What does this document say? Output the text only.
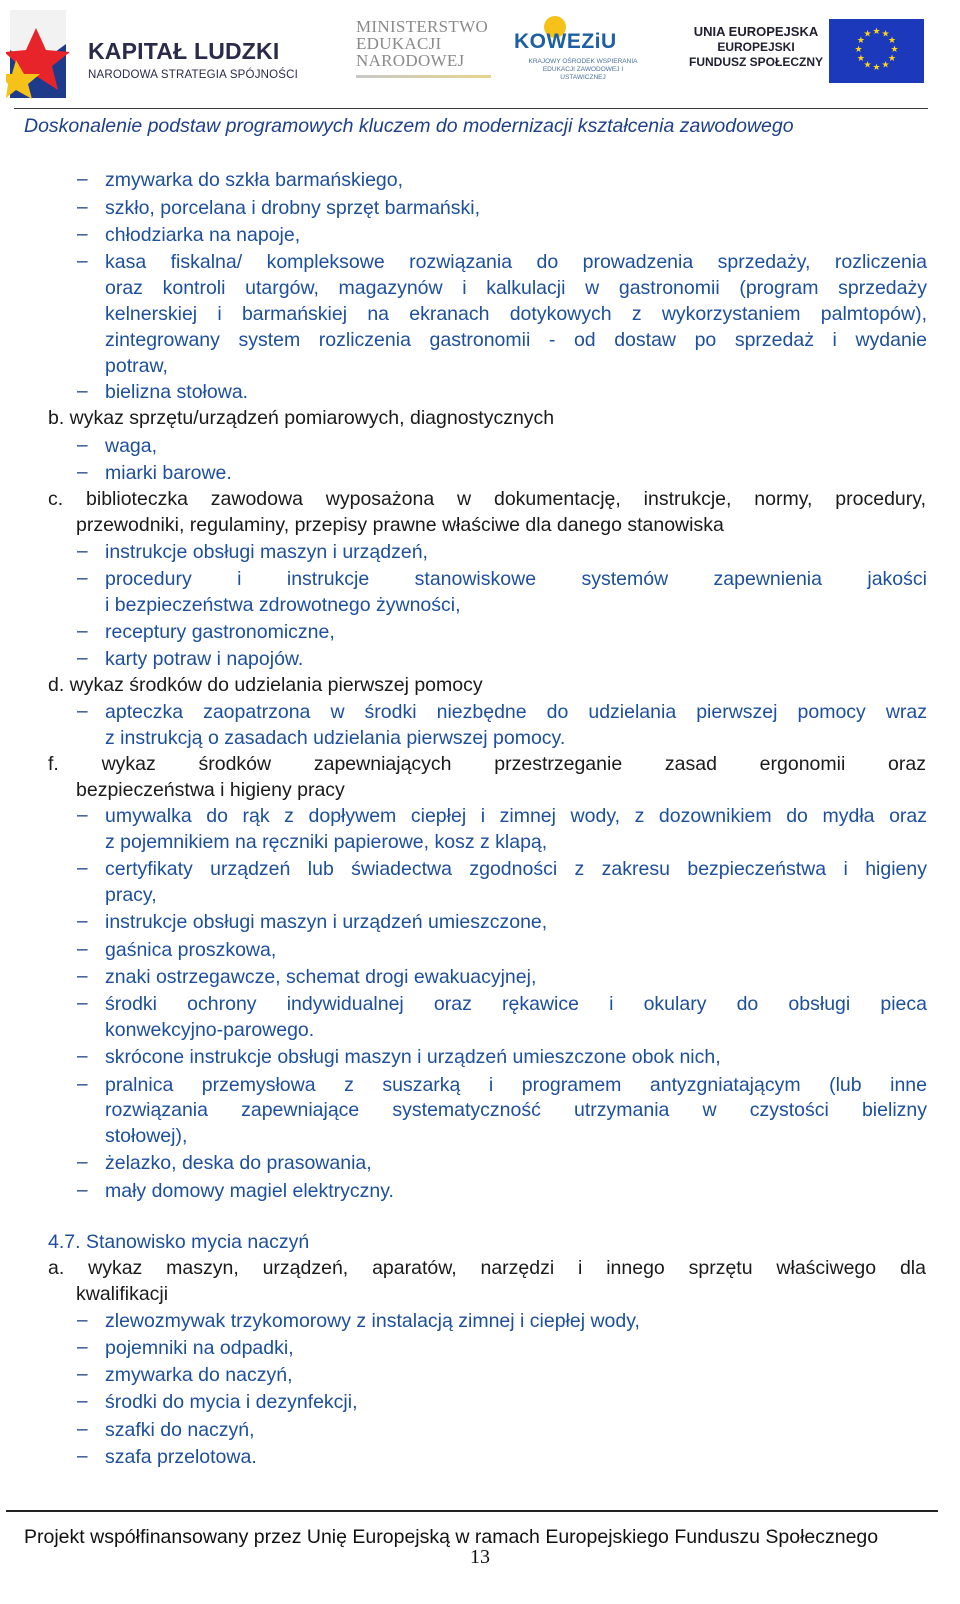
KAPITAŁ LUDZKI
NARODOWA STRATEGIA SPÓJNOŚCI
MINISTERSTWO
EDUKACJI
NARODOWEJ
KOWEZiU
KRAJOWY OŚRODEK WSPIERANIA
EDUKACJI ZAWODOWEJ I USTAWICZNEJ
UNIA EUROPEJSKA
EUROPEJSKI
FUNDUSZ SPOŁECZNY
★ ★
★
★
★
★
★
★
★
★
★
★
Doskonalenie podstaw programowych kluczem do modernizacji kształcenia zawodowego
– zmywarka do szkła barmańskiego,
– szkło, porcelana i drobny sprzęt barmański,
– chłodziarka na napoje,
– kasa fiskalna/ kompleksowe rozwiązania do prowadzenia sprzedaży, rozliczenia
oraz kontroli utargów, magazynów i kalkulacji w gastronomii (program sprzedaży
kelnerskiej i barmańskiej na ekranach dotykowych z wykorzystaniem palmtopów),
zintegrowany system rozliczenia gastronomii - od dostaw po sprzedaż i wydanie
potraw,
– bielizna stołowa.
b. wykaz sprzętu/urządzeń pomiarowych, diagnostycznych
– waga,
– miarki barowe.
c. biblioteczka zawodowa wyposażona w dokumentację, instrukcje, normy, procedury,
przewodniki, regulaminy, przepisy prawne właściwe dla danego stanowiska
– instrukcje obsługi maszyn i urządzeń,
– procedury i instrukcje stanowiskowe systemów zapewnienia jakości
i bezpieczeństwa zdrowotnego żywności,
– receptury gastronomiczne,
– karty potraw i napojów.
d. wykaz środków do udzielania pierwszej pomocy
– apteczka zaopatrzona w środki niezbędne do udzielania pierwszej pomocy wraz
z instrukcją o zasadach udzielania pierwszej pomocy.
f. wykaz środków zapewniających przestrzeganie zasad ergonomii oraz
bezpieczeństwa i higieny pracy
– umywalka do rąk z dopływem ciepłej i zimnej wody, z dozownikiem do mydła oraz
z pojemnikiem na ręczniki papierowe, kosz z klapą,
– certyfikaty urządzeń lub świadectwa zgodności z zakresu bezpieczeństwa i higieny
pracy,
– instrukcje obsługi maszyn i urządzeń umieszczone,
– gaśnica proszkowa,
– znaki ostrzegawcze, schemat drogi ewakuacyjnej,
– środki ochrony indywidualnej oraz rękawice i okulary do obsługi pieca
konwekcyjno-parowego.
– skrócone instrukcje obsługi maszyn i urządzeń umieszczone obok nich,
– pralnica przemysłowa z suszarką i programem antyzgniatającym (lub inne
rozwiązania zapewniające systematyczność utrzymania w czystości bielizny
stołowej),
– żelazko, deska do prasowania,
– mały domowy magiel elektryczny.
4.7. Stanowisko mycia naczyń
a. wykaz maszyn, urządzeń, aparatów, narzędzi i innego sprzętu właściwego dla
kwalifikacji
– zlewozmywak trzykomorowy z instalacją zimnej i ciepłej wody,
– pojemniki na odpadki,
– zmywarka do naczyń,
– środki do mycia i dezynfekcji,
– szafki do naczyń,
– szafa przelotowa.
Projekt współfinansowany przez Unię Europejską w ramach Europejskiego Funduszu Społecznego
13
